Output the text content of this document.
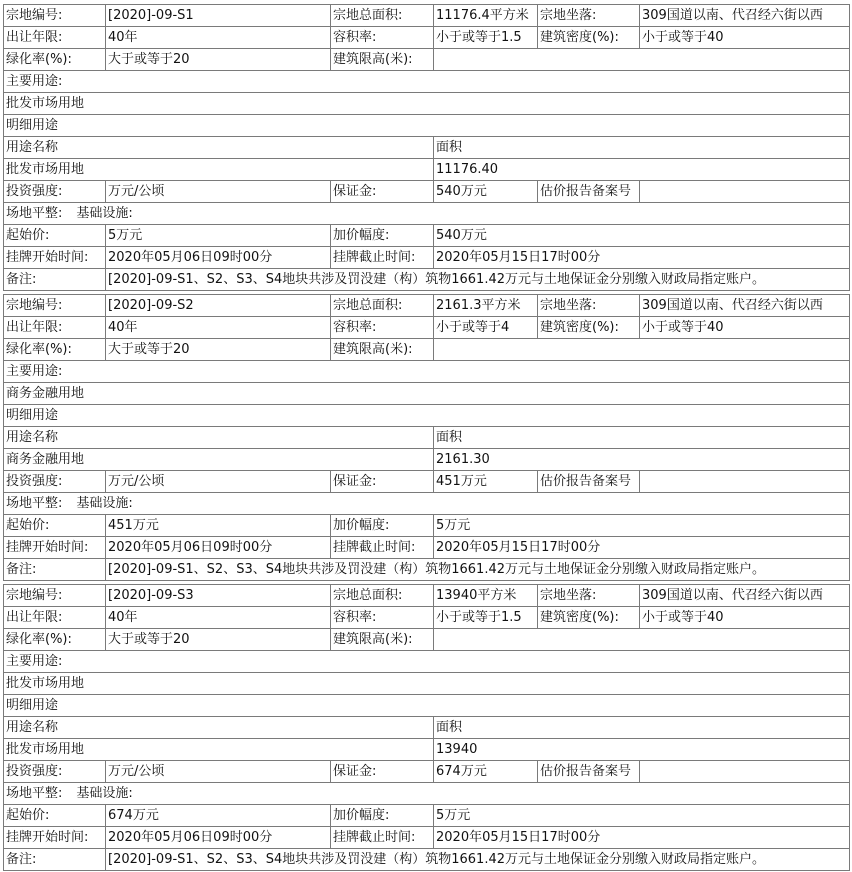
宗地编号:	[2020]-09-S1	宗地总面积:	11176.4平方米 宗地坐落:	309国道以南、代召经六街以西
出让年限:	40年	容积率:	小于或等于1.5	建筑密度(%):	小于或等于40
绿化率(%):	大于或等于20	建筑限高(米):
主要用途:
批发市场用地
明细用途
用途名称	面积
批发市场用地	11176.40
投资强度:	万元/公顷	保证金:	540万元	估价报告备案号
场地平整: 基础设施:
起始价:	5万元	加价幅度:	540万元
挂牌开始时间:	2020年05月06日09时00分	挂牌截止时间:	2020年05月15日17时00分
备注:	[2020]-09-S1、S2、S3、S4地块共涉及罚没建（构）筑物1661.42万元与土地保证金分别缴入财政局指定账户。
宗地编号:	[2020]-09-S2	宗地总面积:	2161.3平方米	宗地坐落:	309国道以南、代召经六街以西
出让年限:	40年	容积率:	小于或等于4	建筑密度(%):	小于或等于40
绿化率(%):	大于或等于20	建筑限高(米):
主要用途:
商务金融用地
明细用途
用途名称	面积
商务金融用地	2161.30
投资强度:	万元/公顷	保证金:	451万元	估价报告备案号
场地平整: 基础设施:
起始价:	451万元	加价幅度:	5万元
挂牌开始时间:	2020年05月06日09时00分	挂牌截止时间:	2020年05月15日17时00分
备注:	[2020]-09-S1、S2、S3、S4地块共涉及罚没建（构）筑物1661.42万元与土地保证金分别缴入财政局指定账户。
宗地编号:	[2020]-09-S3	宗地总面积:	13940平方米	宗地坐落:	309国道以南、代召经六街以西
出让年限:	40年	容积率:	小于或等于1.5	建筑密度(%):	小于或等于40
绿化率(%):	大于或等于20	建筑限高(米):
主要用途:
批发市场用地
明细用途
用途名称	面积
批发市场用地	13940
投资强度:	万元/公顷	保证金:	674万元	估价报告备案号
场地平整: 基础设施:
起始价:	674万元	加价幅度:	5万元
挂牌开始时间:	2020年05月06日09时00分	挂牌截止时间:	2020年05月15日17时00分
备注:	[2020]-09-S1、S2、S3、S4地块共涉及罚没建（构）筑物1661.42万元与土地保证金分别缴入财政局指定账户。
